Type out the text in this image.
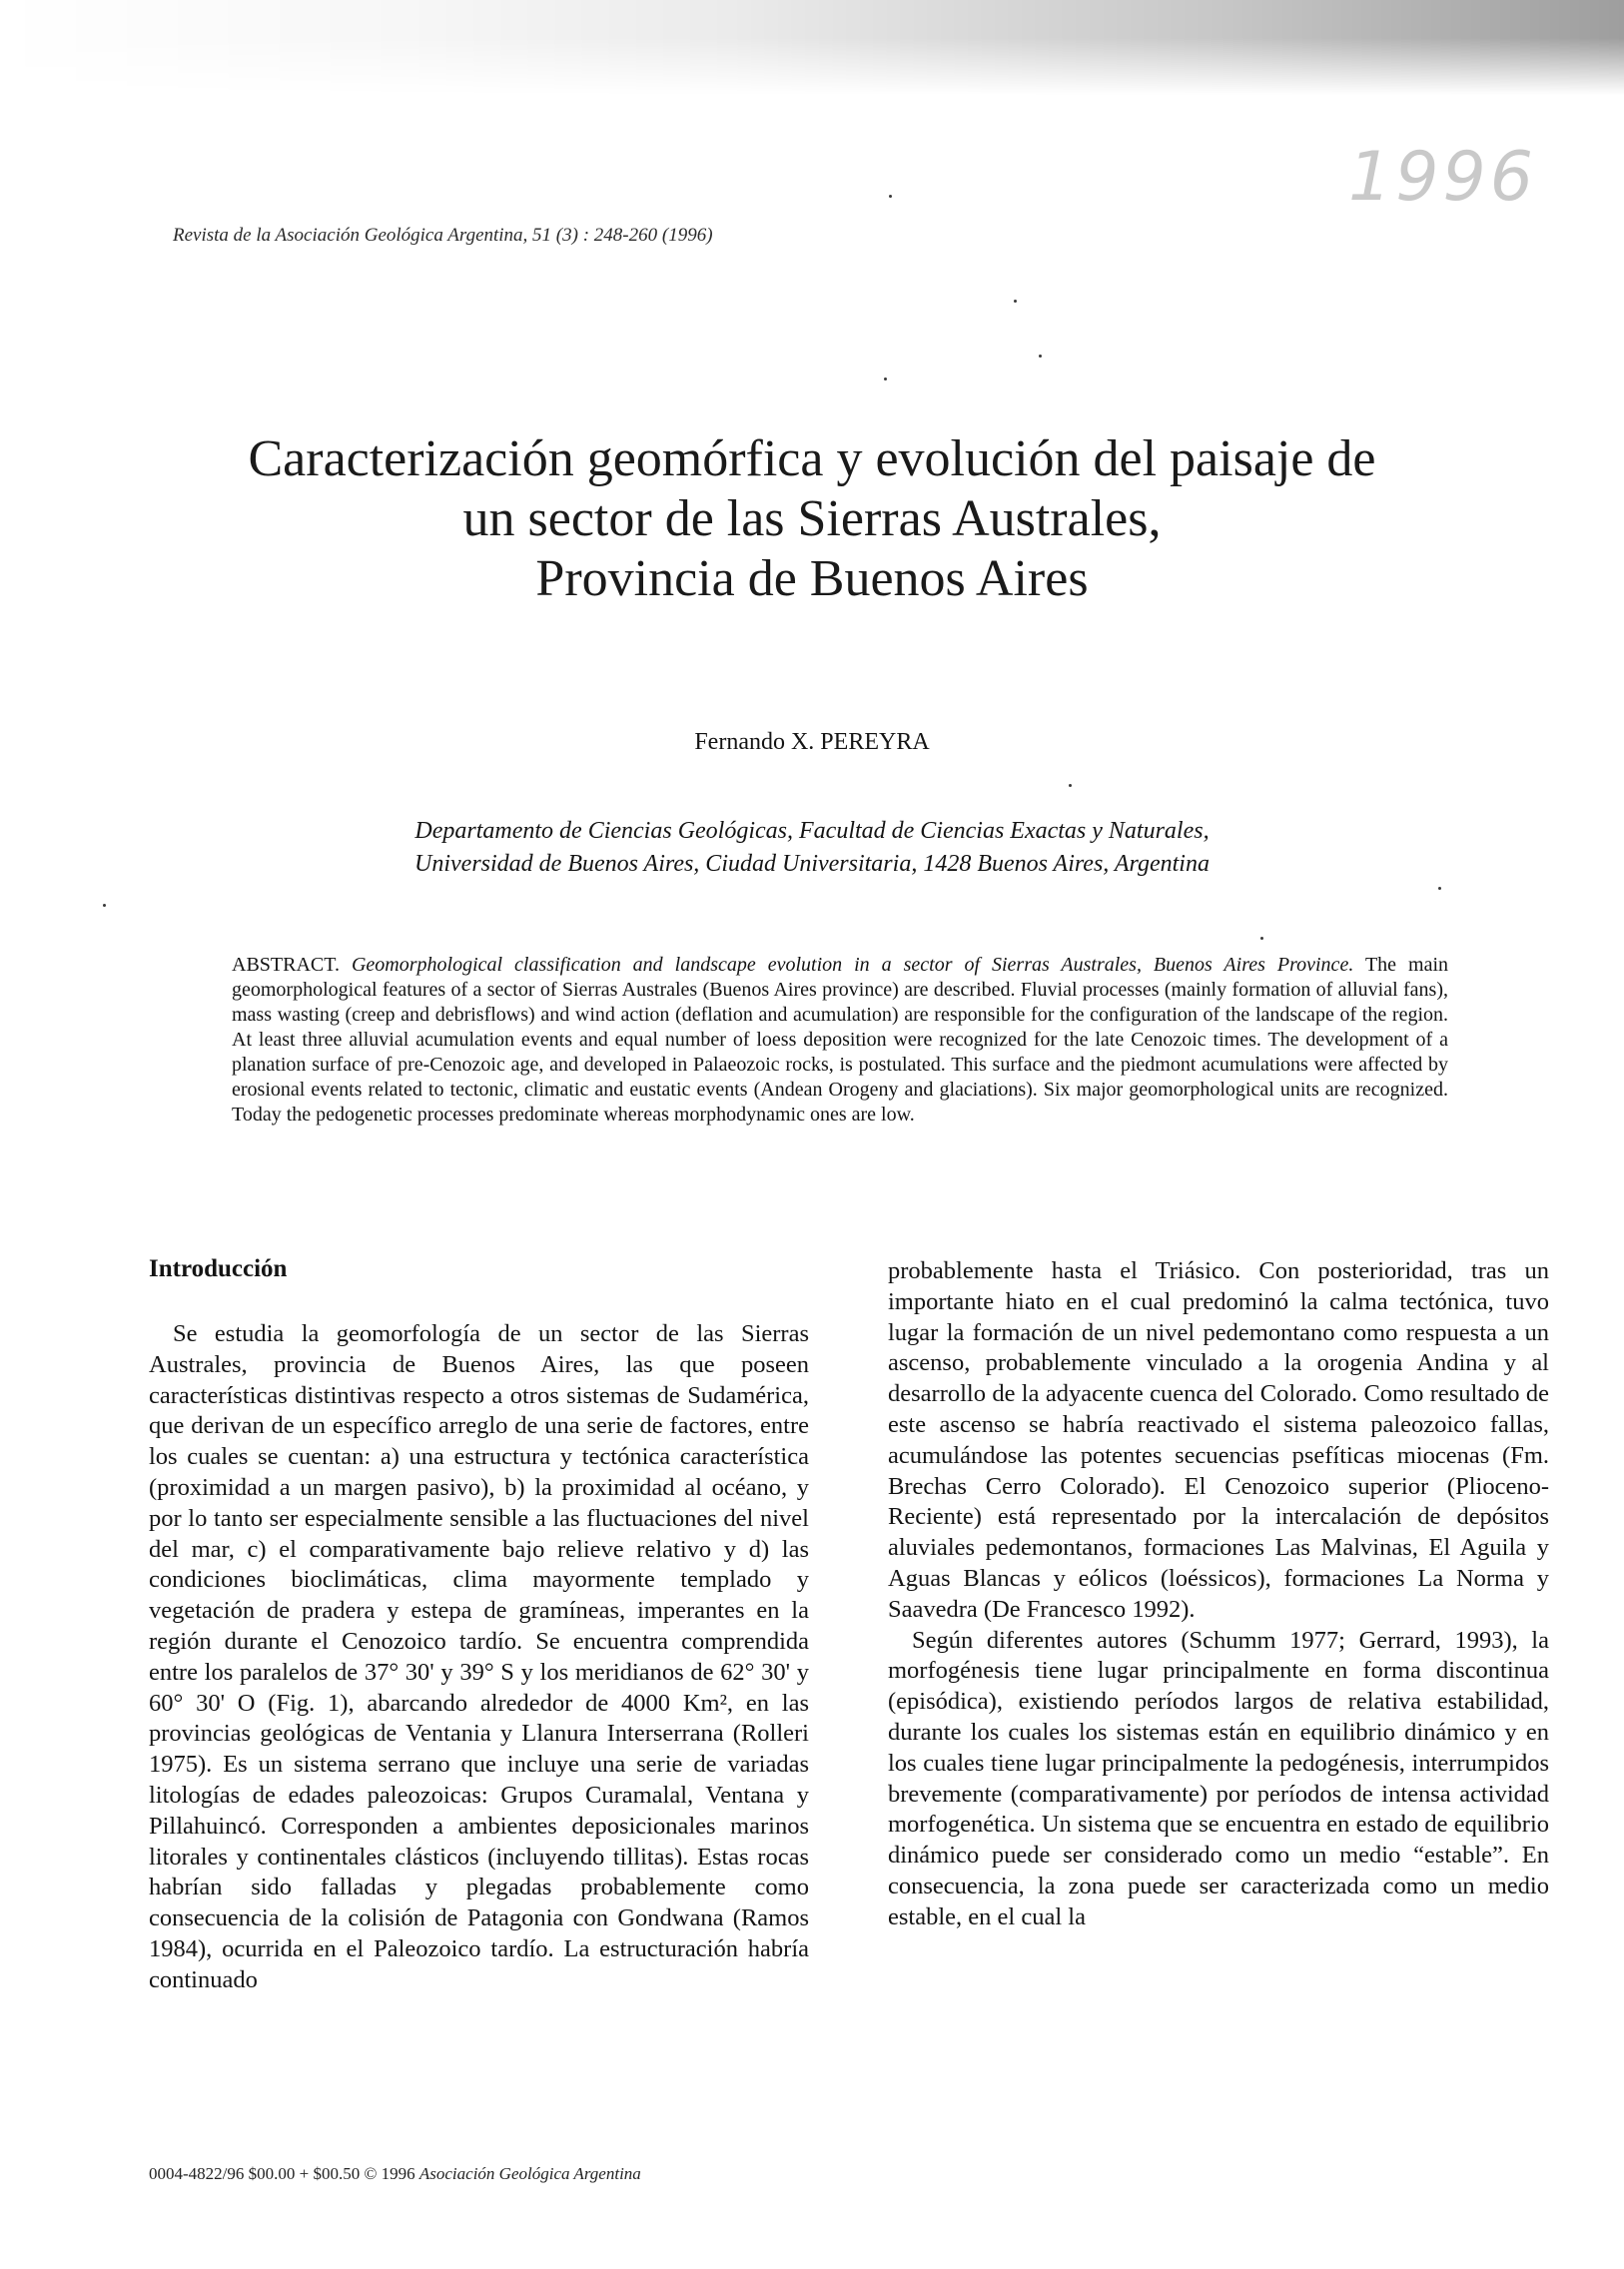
1996
Revista de la Asociación Geológica Argentina, 51 (3) : 248-260 (1996)
Caracterización geomórfica y evolución del paisaje de
un sector de las Sierras Australes,
Provincia de Buenos Aires
Fernando X. PEREYRA
Departamento de Ciencias Geológicas, Facultad de Ciencias Exactas y Naturales,
Universidad de Buenos Aires, Ciudad Universitaria, 1428 Buenos Aires, Argentina

ABSTRACT. Geomorphological classification and landscape evolution in a sector of Sierras Australes, Buenos Aires Province. The main geomorphological features of a sector of Sierras Australes (Buenos Aires province) are described. Fluvial processes (mainly formation of alluvial fans), mass wasting (creep and debrisflows) and wind action (deflation and acumulation) are responsible for the configuration of the landscape of the region. At least three alluvial acumulation events and equal number of loess deposition were recognized for the late Cenozoic times. The development of a planation surface of pre-Cenozoic age, and developed in Palaeozoic rocks, is postulated. This surface and the piedmont acumulations were affected by erosional events related to tectonic, climatic and eustatic events (Andean Orogeny and glaciations). Six major geomorphological units are recognized. Today the pedogenetic processes predominate whereas morphodynamic ones are low.

Introducción

Se estudia la geomorfología de un sector de las Sierras Australes, provincia de Buenos Aires, las que poseen características distintivas respecto a otros sistemas de Sudamérica, que derivan de un específico arreglo de una serie de factores, entre los cuales se cuentan: a) una estructura y tectónica característica (proximidad a un margen pasivo), b) la proximidad al océano, y por lo tanto ser especialmente sensible a las fluctuaciones del nivel del mar, c) el comparativamente bajo relieve relativo y d) las condiciones bioclimáticas, clima mayormente templado y vegetación de pradera y estepa de gramíneas, imperantes en la región durante el Cenozoico tardío. Se encuentra comprendida entre los paralelos de 37° 30' y 39° S y los meridianos de 62° 30' y 60° 30' O (Fig. 1), abarcando alrededor de 4000 Km², en las provincias geológicas de Ventania y Llanura Interserrana (Rolleri 1975). Es un sistema serrano que incluye una serie de variadas litologías de edades paleozoicas: Grupos Curamalal, Ventana y Pillahuincó. Corresponden a ambientes deposicionales marinos litorales y continentales clásticos (incluyendo tillitas). Estas rocas habrían sido falladas y plegadas probablemente como consecuencia de la colisión de Patagonia con Gondwana (Ramos 1984), ocurrida en el Paleozoico tardío. La estructuración habría continuado

probablemente hasta el Triásico. Con posterioridad, tras un importante hiato en el cual predominó la calma tectónica, tuvo lugar la formación de un nivel pedemontano como respuesta a un ascenso, probablemente vinculado a la orogenia Andina y al desarrollo de la adyacente cuenca del Colorado. Como resultado de este ascenso se habría reactivado el sistema paleozoico fallas, acumulándose las potentes secuencias psefíticas miocenas (Fm. Brechas Cerro Colorado). El Cenozoico superior (Plioceno-Reciente) está representado por la intercalación de depósitos aluviales pedemontanos, formaciones Las Malvinas, El Aguila y Aguas Blancas y eólicos (loéssicos), formaciones La Norma y Saavedra (De Francesco 1992).

Según diferentes autores (Schumm 1977; Gerrard, 1993), la morfogénesis tiene lugar principalmente en forma discontinua (episódica), existiendo períodos largos de relativa estabilidad, durante los cuales los sistemas están en equilibrio dinámico y en los cuales tiene lugar principalmente la pedogénesis, interrumpidos brevemente (comparativamente) por períodos de intensa actividad morfogenética. Un sistema que se encuentra en estado de equilibrio dinámico puede ser considerado como un medio “estable”. En consecuencia, la zona puede ser caracterizada como un medio estable, en el cual la

0004-4822/96 $00.00 + $00.50 © 1996 Asociación Geológica Argentina
